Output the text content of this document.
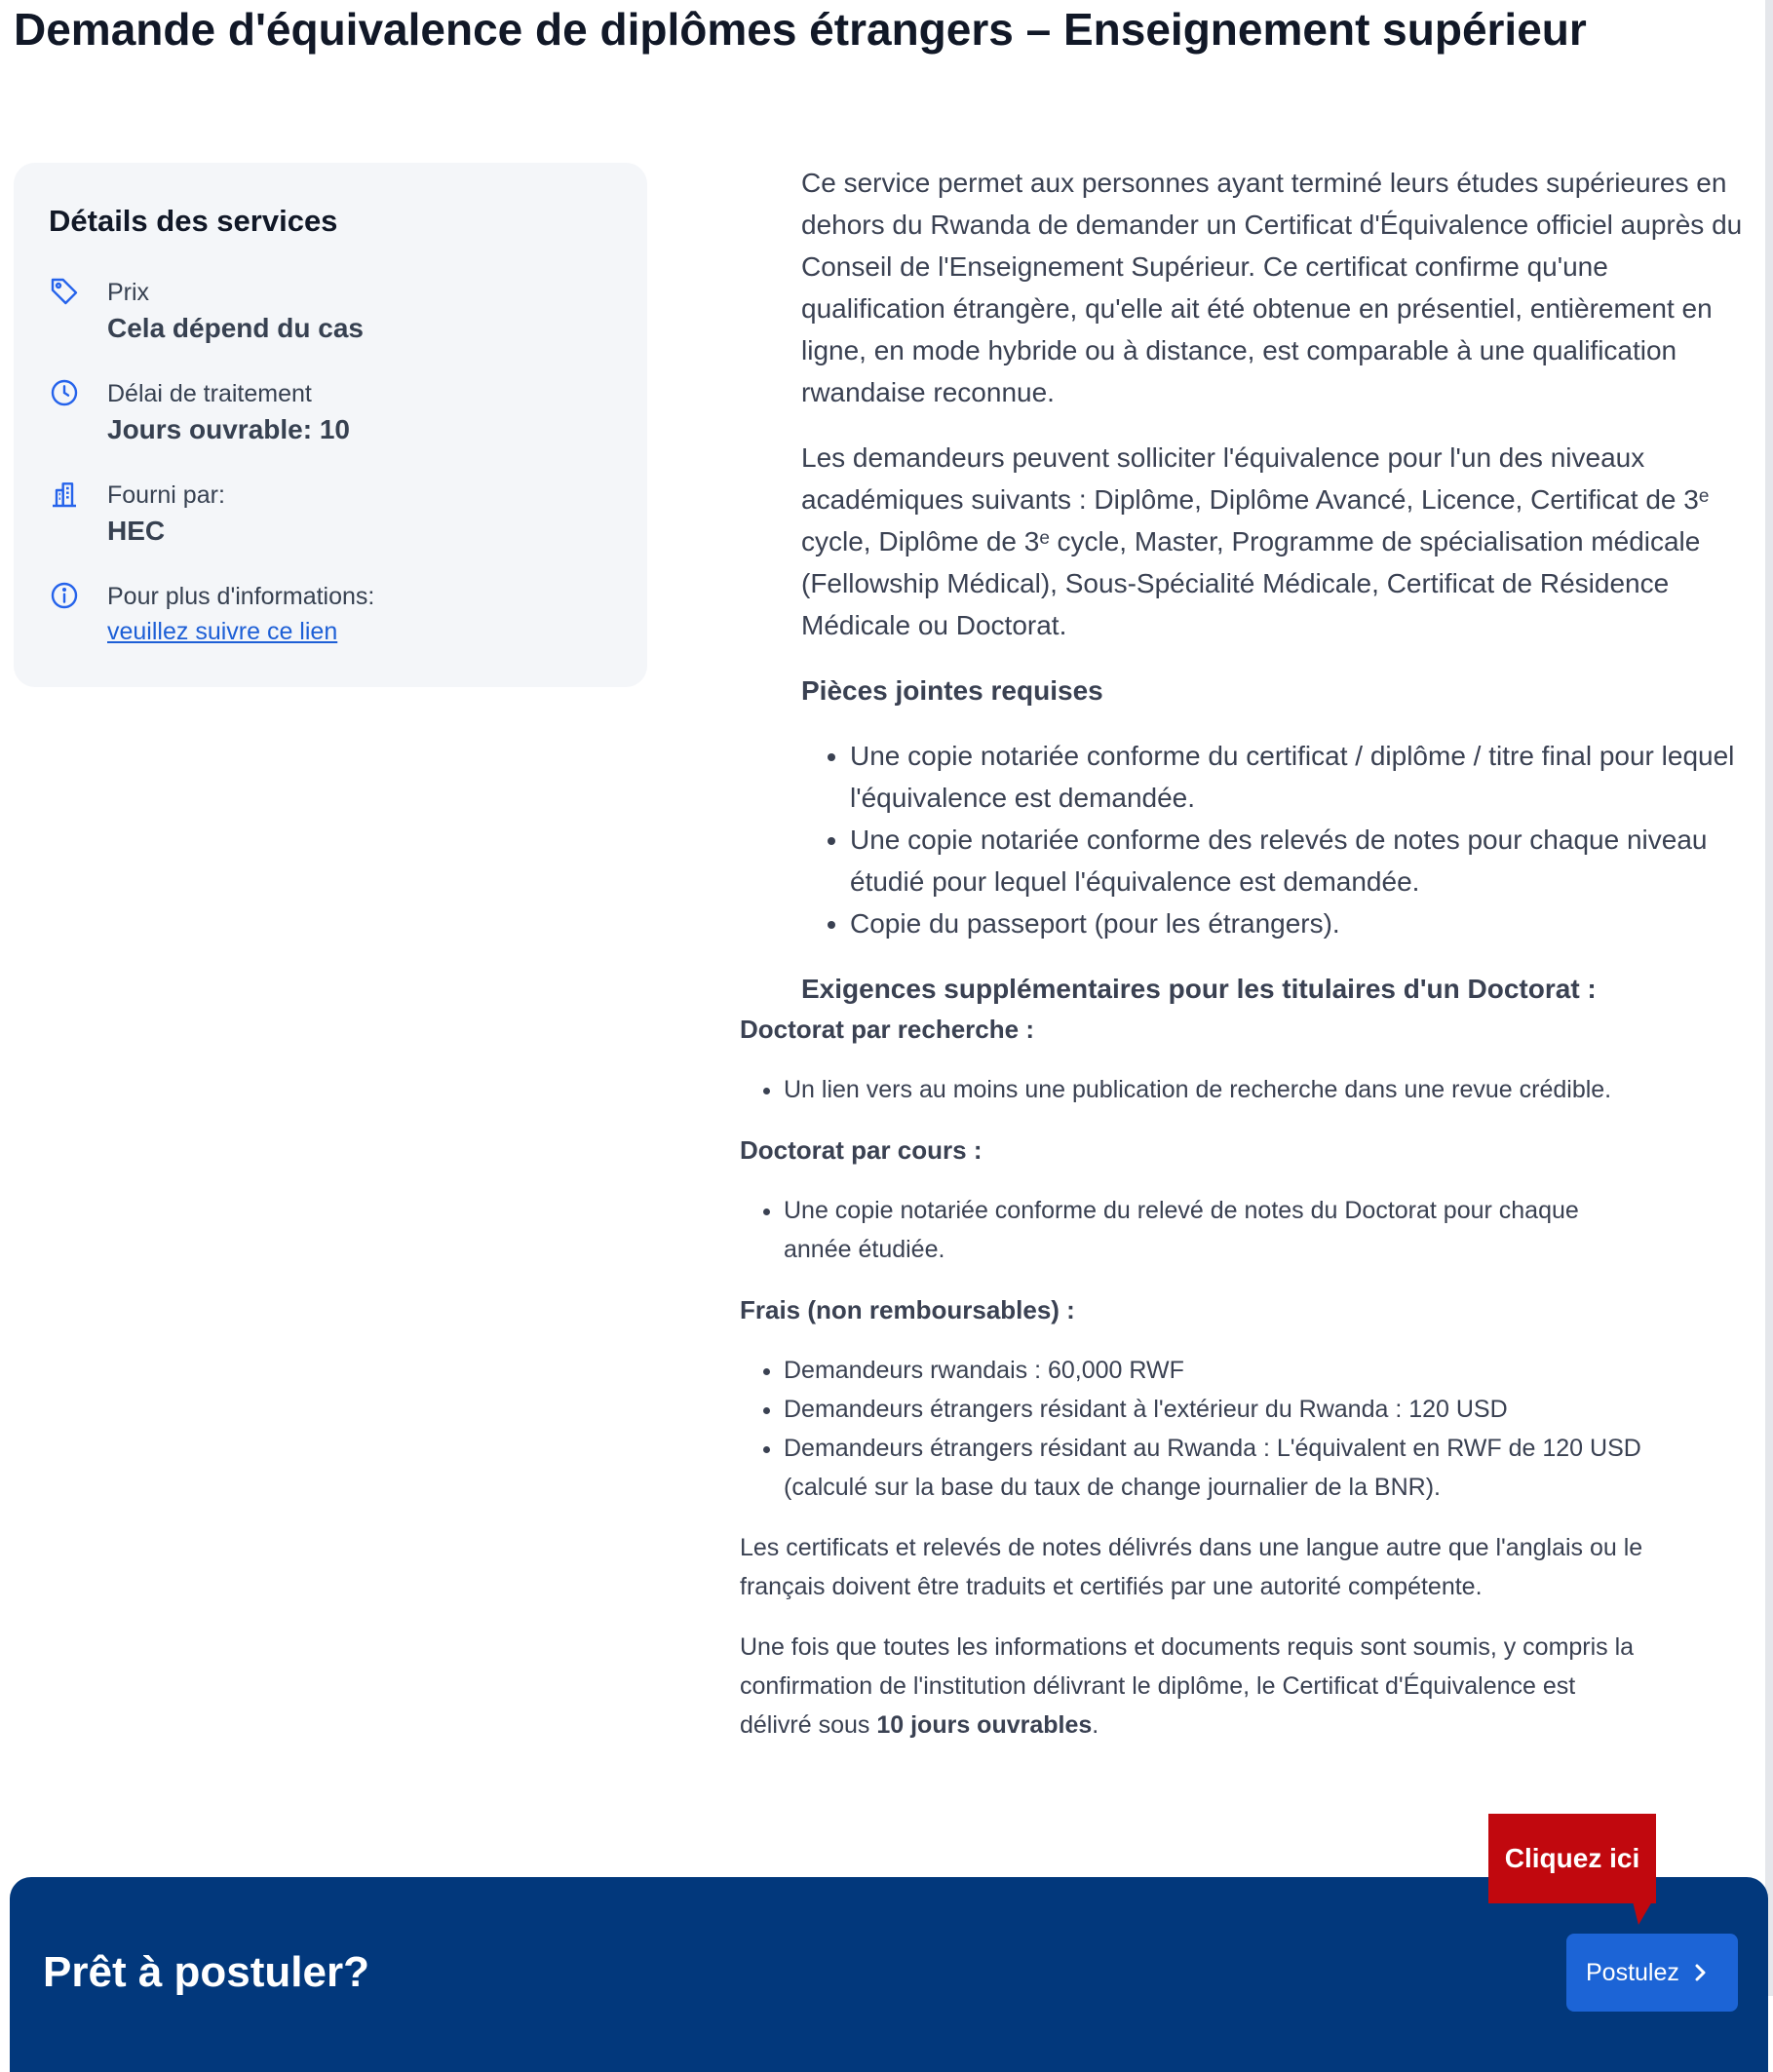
Demande d'équivalence de diplômes étrangers – Enseignement supérieur
Détails des services
Prix
Cela dépend du cas
Délai de traitement
Jours ouvrable: 10
Fourni par:
HEC
Pour plus d'informations:
veuillez suivre ce lien

Ce service permet aux personnes ayant terminé leurs études supérieures en dehors du Rwanda de demander un Certificat d'Équivalence officiel auprès du Conseil de l'Enseignement Supérieur. Ce certificat confirme qu'une qualification étrangère, qu'elle ait été obtenue en présentiel, entièrement en ligne, en mode hybride ou à distance, est comparable à une qualification rwandaise reconnue.

Les demandeurs peuvent solliciter l'équivalence pour l'un des niveaux académiques suivants : Diplôme, Diplôme Avancé, Licence, Certificat de 3ᵉ cycle, Diplôme de 3ᵉ cycle, Master, Programme de spécialisation médicale (Fellowship Médical), Sous-Spécialité Médicale, Certificat de Résidence Médicale ou Doctorat.

Pièces jointes requises
• Une copie notariée conforme du certificat / diplôme / titre final pour lequel l'équivalence est demandée.
• Une copie notariée conforme des relevés de notes pour chaque niveau étudié pour lequel l'équivalence est demandée.
• Copie du passeport (pour les étrangers).
Exigences supplémentaires pour les titulaires d'un Doctorat :
Doctorat par recherche :
• Un lien vers au moins une publication de recherche dans une revue crédible.
Doctorat par cours :
• Une copie notariée conforme du relevé de notes du Doctorat pour chaque année étudiée.
Frais (non remboursables) :
• Demandeurs rwandais : 60,000 RWF
• Demandeurs étrangers résidant à l'extérieur du Rwanda : 120 USD
• Demandeurs étrangers résidant au Rwanda : L'équivalent en RWF de 120 USD (calculé sur la base du taux de change journalier de la BNR).

Les certificats et relevés de notes délivrés dans une langue autre que l'anglais ou le français doivent être traduits et certifiés par une autorité compétente.

Une fois que toutes les informations et documents requis sont soumis, y compris la confirmation de l'institution délivrant le diplôme, le Certificat d'Équivalence est délivré sous 10 jours ouvrables.

Prêt à postuler?	Postulez
Cliquez ici
